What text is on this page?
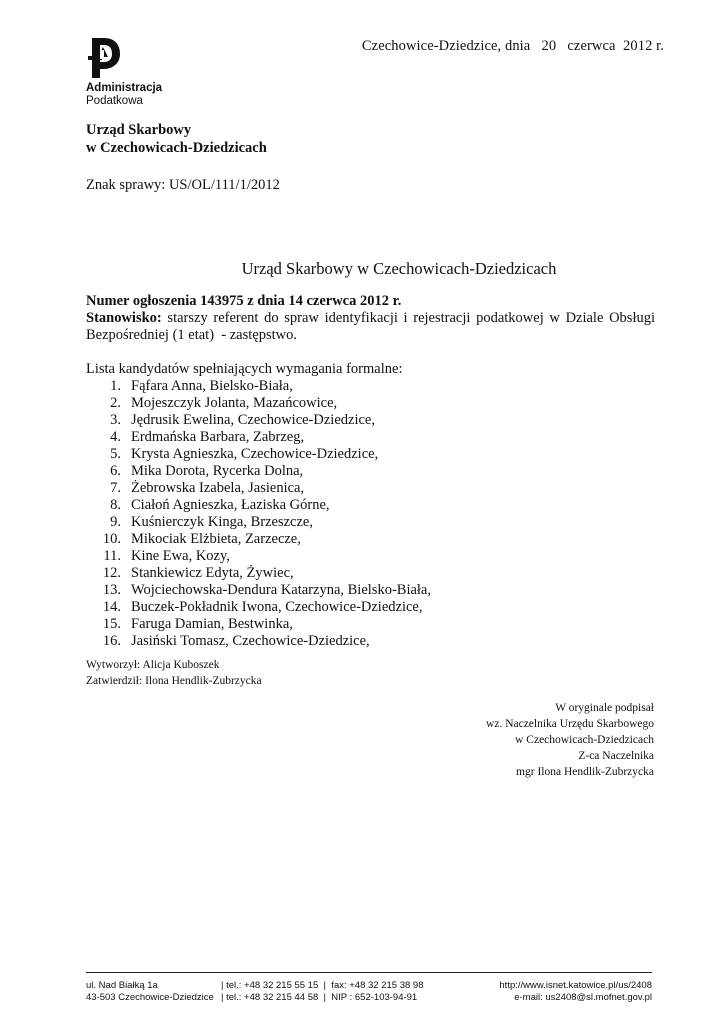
Administracja
Podatkowa
Czechowice-Dziedzice, dnia   20   czerwca  2012 r.
Urząd Skarbowy
w Czechowicach-Dziedzicach
Znak sprawy: US/OL/111/1/2012
Urząd Skarbowy w Czechowicach-Dziedzicach
Numer ogłoszenia 143975 z dnia 14 czerwca 2012 r.
Stanowisko: starszy referent do spraw identyfikacji i rejestracji podatkowej w Dziale Obsługi Bezpośredniej (1 etat)  - zastępstwo.
Lista kandydatów spełniających wymagania formalne:
1. Fąfara Anna, Bielsko-Biała,
2. Mojeszczyk Jolanta, Mazańcowice,
3. Jędrusik Ewelina, Czechowice-Dziedzice,
4. Erdmańska Barbara, Zabrzeg,
5. Krysta Agnieszka, Czechowice-Dziedzice,
6. Mika Dorota, Rycerka Dolna,
7. Żebrowska Izabela, Jasienica,
8. Ciałoń Agnieszka, Łaziska Górne,
9. Kuśnierczyk Kinga, Brzeszcze,
10. Mikociak Elżbieta, Zarzecze,
11. Kine Ewa, Kozy,
12. Stankiewicz Edyta, Żywiec,
13. Wojciechowska-Dendura Katarzyna, Bielsko-Biała,
14. Buczek-Pokładnik Iwona, Czechowice-Dziedzice,
15. Faruga Damian, Bestwinka,
16. Jasiński Tomasz, Czechowice-Dziedzice,
Wytworzył: Alicja Kuboszek
Zatwierdził: Ilona Hendlik-Zubrzycka
W oryginale podpisał
wz. Naczelnika Urzędu Skarbowego
w Czechowicach-Dziedzicach
Z-ca Naczelnika
mgr Ilona Hendlik-Zubrzycka
ul. Nad Białką 1a
43-503 Czechowice-Dziedzice
| tel.: +48 32 215 55 15  |  fax: +48 32 215 38 98
| tel.: +48 32 215 44 58  |  NIP : 652-103-94-91
http://www.isnet.katowice.pl/us/2408
e-mail: us2408@sl.mofnet.gov.pl
